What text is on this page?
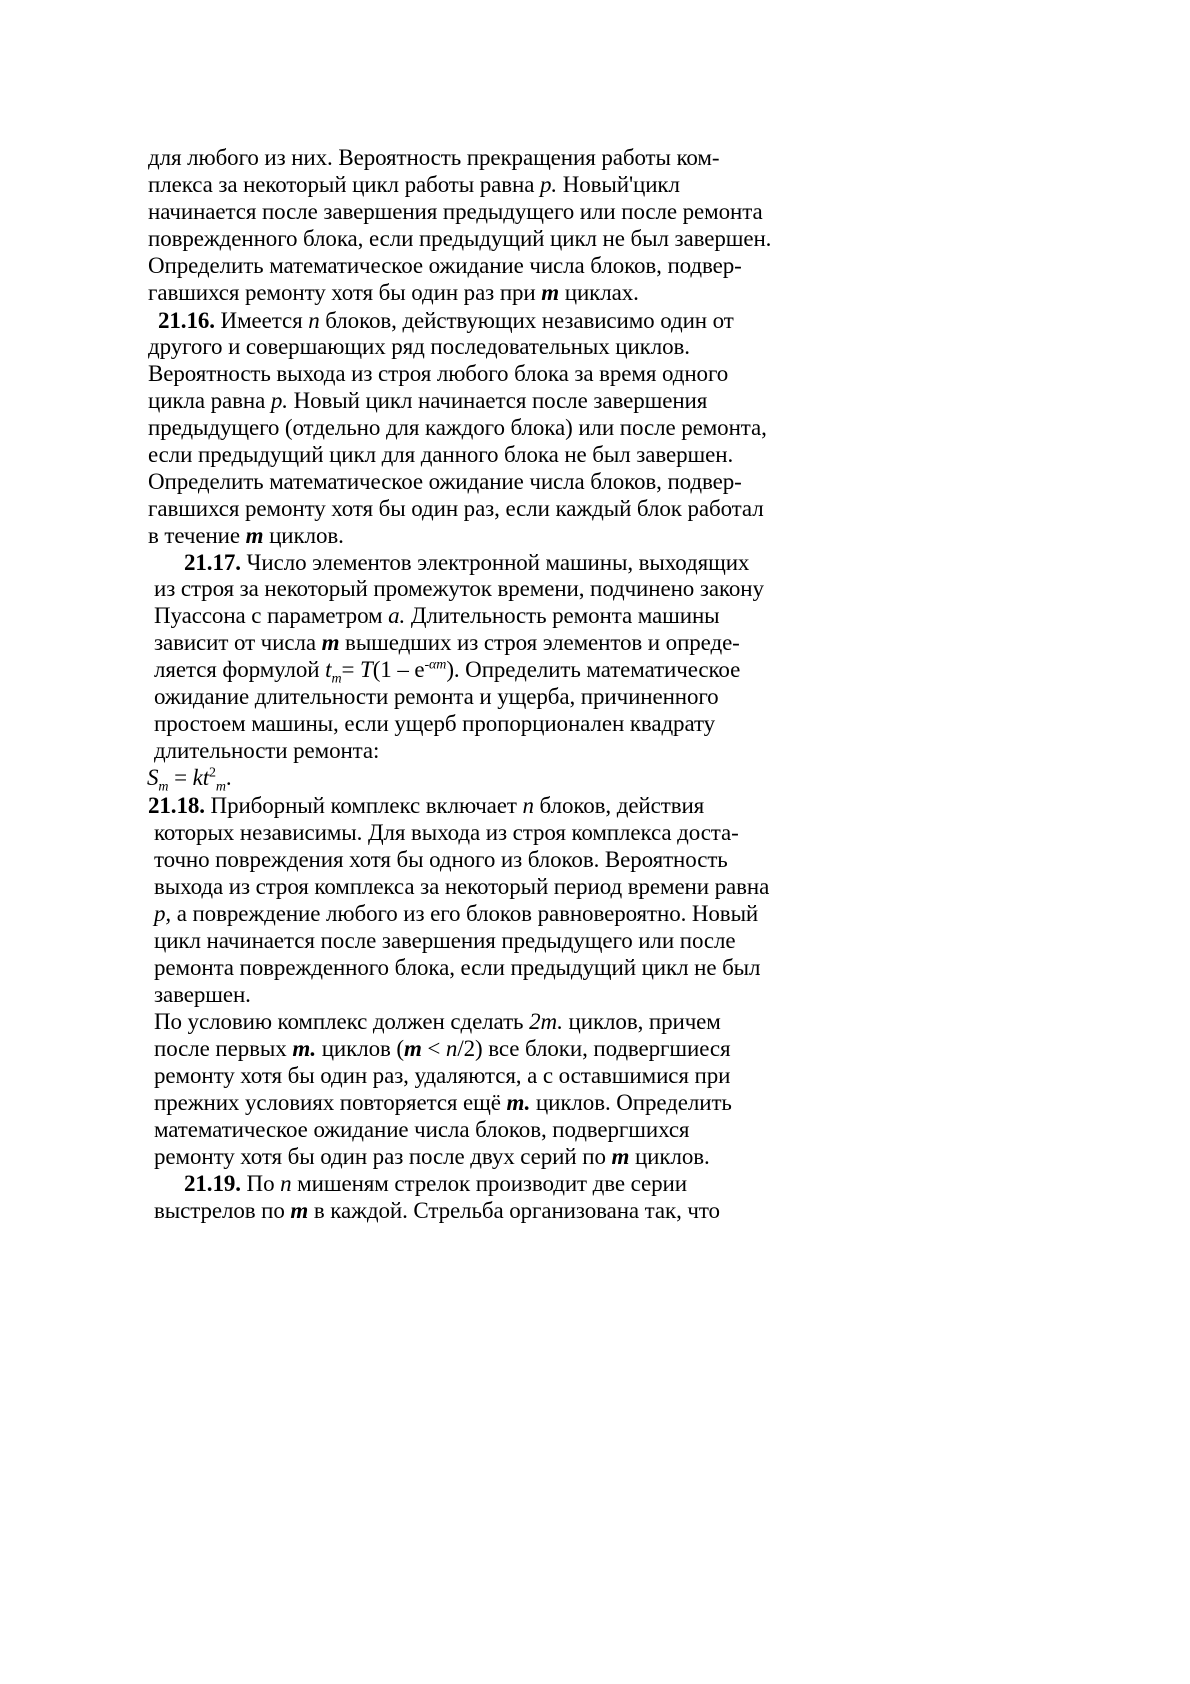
для любого из них. Вероятность прекращения работы ком-
плекса за некоторый цикл работы равна р. Новый'цикл
начинается после завершения предыдущего или после ремонта
поврежденного блока, если предыдущий цикл не был завершен.
Определить математическое ожидание числа блоков, подвер-
гавшихся ремонту хотя бы один раз при т циклах.
21.16. Имеется п блоков, действующих независимо один от
другого и совершающих ряд последовательных циклов.
Вероятность выхода из строя любого блока за время одного
цикла равна р. Новый цикл начинается после завершения
предыдущего (отдельно для каждого блока) или после ремонта,
если предыдущий цикл для данного блока не был завершен.
Определить математическое ожидание числа блоков, подвер-
гавшихся ремонту хотя бы один раз, если каждый блок работал
в течение т циклов.
21.17. Число элементов электронной машины, выходящих
из строя за некоторый промежуток времени, подчинено закону
Пуассона с параметром а. Длительность ремонта машины
зависит от числа т вышедших из строя элементов и опреде-
ляется формулой $t_m= Т(1 - е^{-\alpha m})$. Определить математическое
ожидание длительности ремонта и ущерба, причиненного
простоем машины, если ущерб пропорционален квадрату
длительности ремонта:
$S_m = kt^2_m$.
21.18. Приборный комплекс включает п блоков, действия
которых независимы. Для выхода из строя комплекса доста-
точно повреждения хотя бы одного из блоков. Вероятность
выхода из строя комплекса за некоторый период времени равна
р, а повреждение любого из его блоков равновероятно. Новый
цикл начинается после завершения предыдущего или после
ремонта поврежденного блока, если предыдущий цикл не был
завершен.
По условию комплекс должен сделать 2т. циклов, причем
после первых т. циклов (т < п/2) все блоки, подвергшиеся
ремонту хотя бы один раз, удаляются, а с оставшимися при
прежних условиях повторяется ещё т. циклов. Определить
математическое ожидание числа блоков, подвергшихся
ремонту хотя бы один раз после двух серий по т циклов.
21.19. По п мишеням стрелок производит две серии
выстрелов по т в каждой. Стрельба организована так, что
